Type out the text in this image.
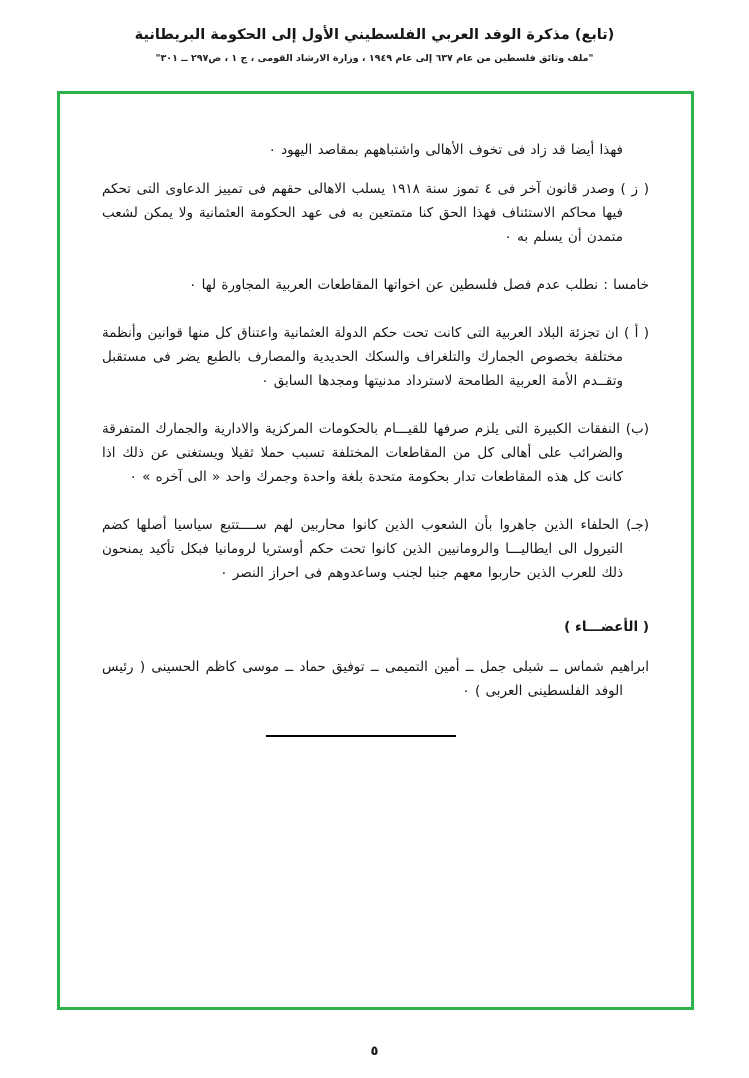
(تابع) مذكرة الوفد العربي الفلسطيني الأول إلى الحكومة البريطانية
"ملف وثائق فلسطين من عام ٦٣٧ إلى عام ١٩٤٩ ، وزارة الارشاد القومى ، ج ١ ، ص٢٩٧ ــ ٣٠١"

فهذا أيضا قد زاد فى تخوف الأهالى واشتباههم بمقاصد اليهود ٠

( ز ) وصدر قانون آخر فى ٤ تموز سنة ١٩١٨ يسلب الاهالى حقهم فى تمييز الدعاوى التى تحكم فيها محاكم الاستئناف فهذا الحق كنا متمتعين به فى عهد الحكومة العثمانية ولا يمكن لشعب متمدن أن يسلم به ٠

خامسا : نطلب عدم فصل فلسطين عن اخواتها المقاطعات العربية المجاورة لها ٠

( أ ) ان تجزئة البلاد العربية التى كانت تحت حكم الدولة العثمانية واعتناق كل منها قوانين وأنظمة مختلفة بخصوص الجمارك والتلغراف والسكك الحديدية والمصارف بالطبع يضر فى مستقبل وتقــدم الأمة العربية الطامحة لاسترداد مدنيتها ومجدها السابق ٠

(ب) النفقات الكبيرة التى يلزم صرفها للقيـــام بالحكومات المركزية والادارية والجمارك المتفرقة والضرائب على أهالى كل من المقاطعات المختلفة تسبب حملا ثقيلا ويستغنى عن ذلك اذا كانت كل هذه المقاطعات تدار بحكومة متحدة بلغة واحدة وجمرك واحد « الى آخره » ٠

(جـ) الحلفاء الذين جاهروا بأن الشعوب الذين كانوا محاربين لهم ســــتتبع سياسيا أصلها كضم التيرول الى ايطاليـــا والرومانيين الذين كانوا تحت حكم أوستريا لرومانيا فبكل تأكيد يمنحون ذلك للعرب الذين حاربوا معهم جنبا لجنب وساعدوهم فى احراز النصر ٠

( الأعضـــاء )

ابراهيم شماس ــ شبلى جمل ــ أمين التميمى ــ توفيق حماد ــ موسى كاظم الحسينى ( رئيس الوفد الفلسطينى العربى ) ٠

٥
